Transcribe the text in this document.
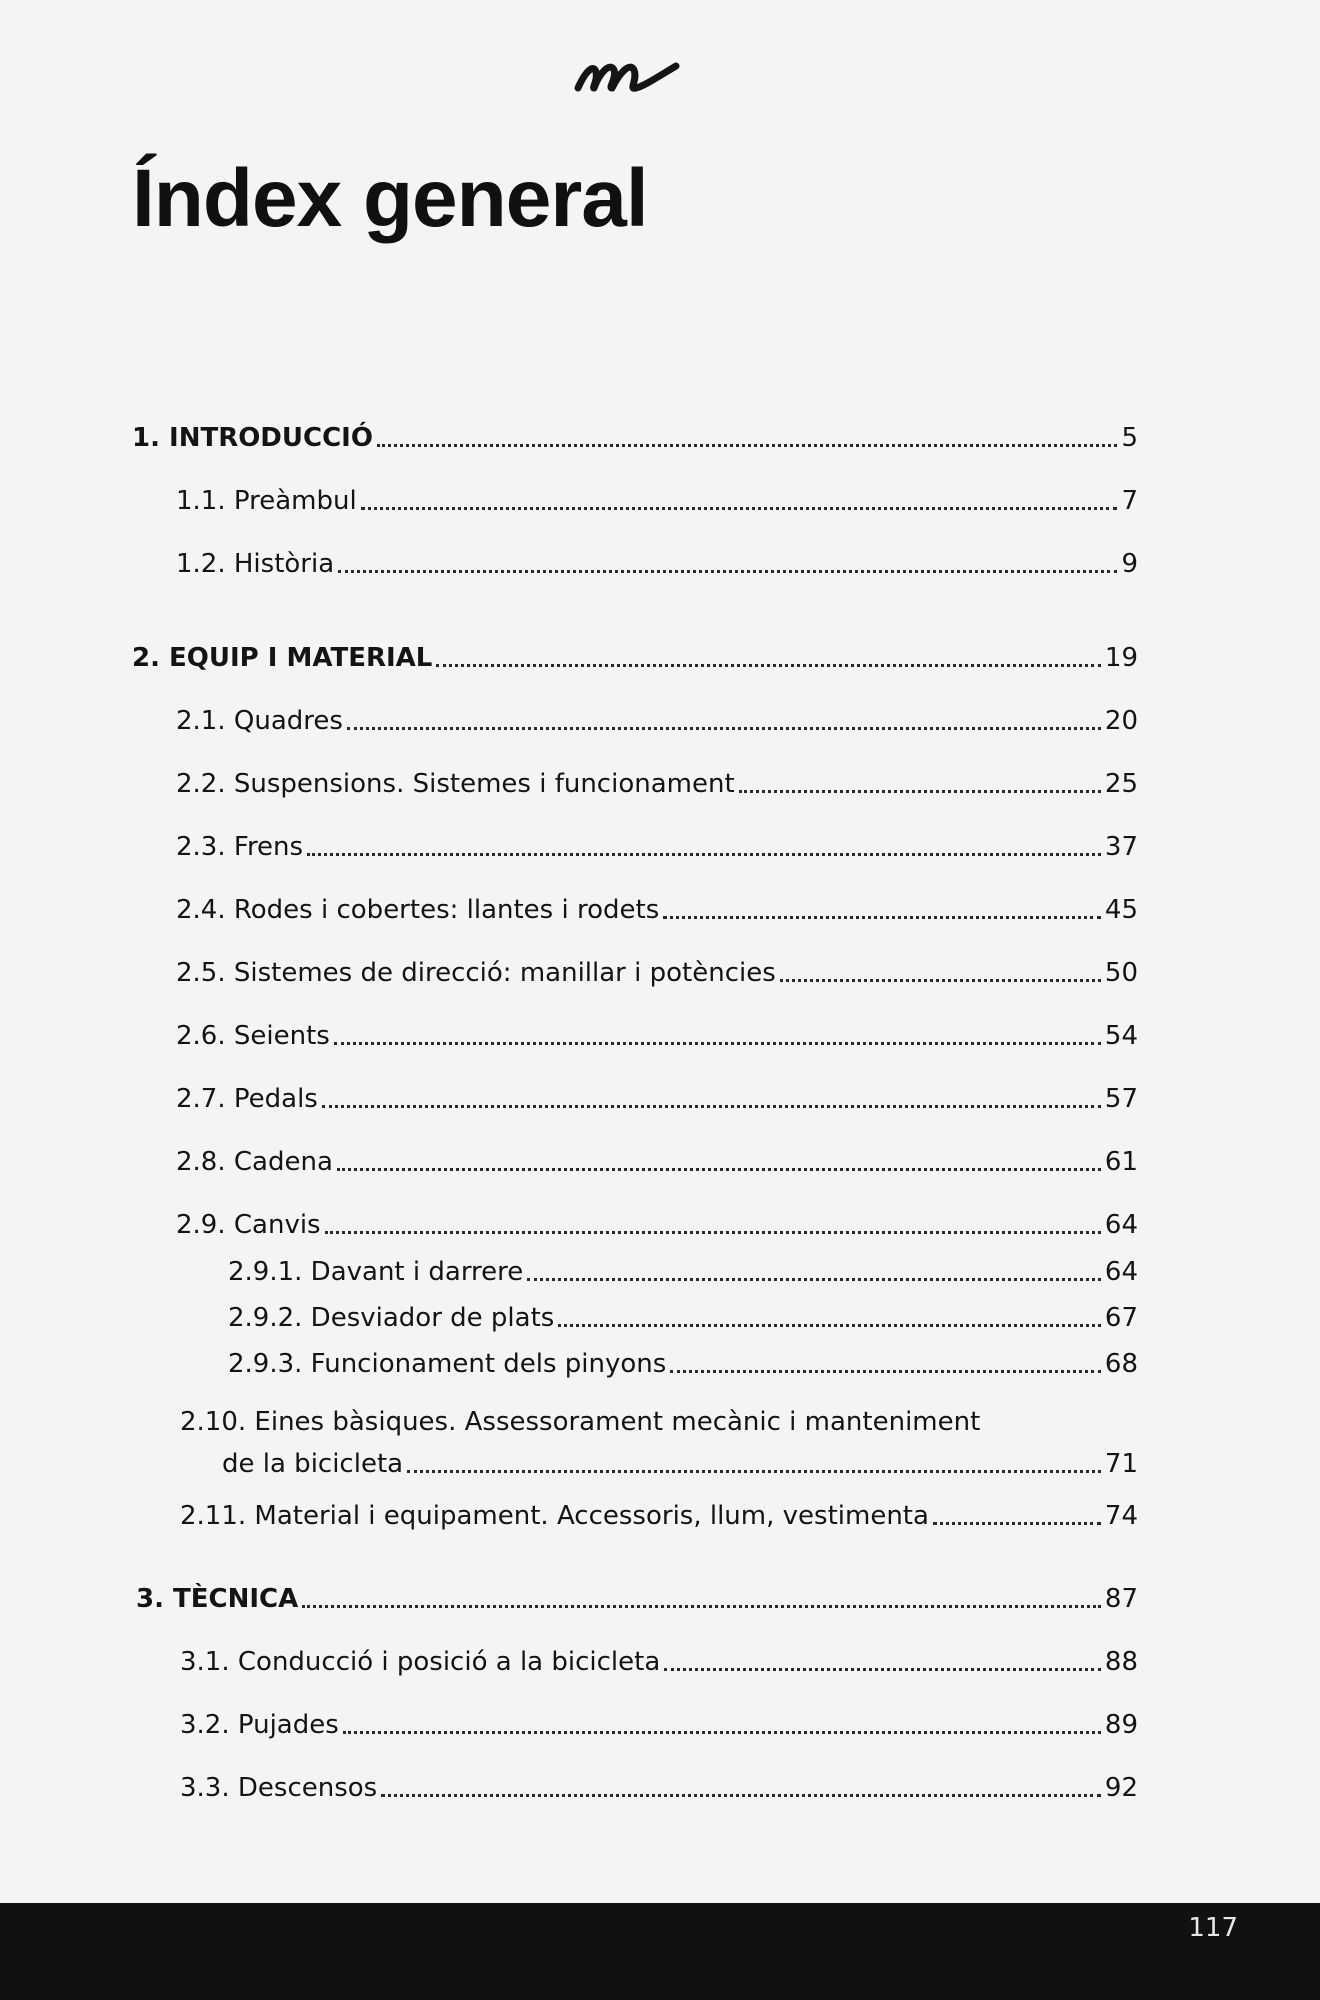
Índex general
1. INTRODUCCIÓ	5
1.1. Preàmbul	7
1.2. Història	9
2. EQUIP I MATERIAL	19
2.1. Quadres	20
2.2. Suspensions. Sistemes i funcionament	25
2.3. Frens	37
2.4. Rodes i cobertes: llantes i rodets	45
2.5. Sistemes de direcció: manillar i potències	50
2.6. Seients	54
2.7. Pedals	57
2.8. Cadena	61
2.9. Canvis	64
2.9.1. Davant i darrere	64
2.9.2. Desviador de plats	67
2.9.3. Funcionament dels pinyons	68
2.10. Eines bàsiques. Assessorament mecànic i manteniment
de la bicicleta	71
2.11. Material i equipament. Accessoris, llum, vestimenta	74
3. TÈCNICA	87
3.1. Conducció i posició a la bicicleta	88
3.2. Pujades	89
3.3. Descensos	92
117
